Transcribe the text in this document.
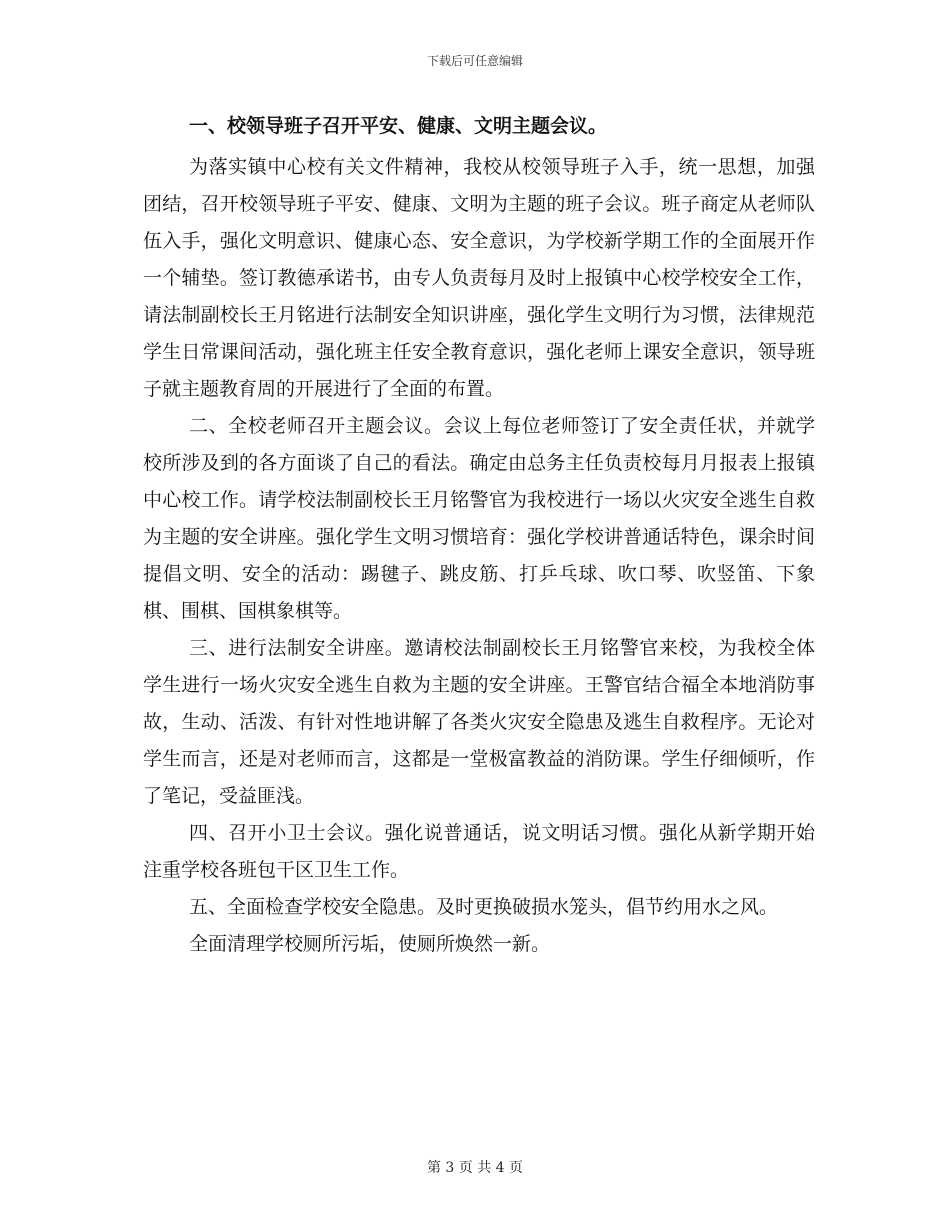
下载后可任意编辑

一、校领导班子召开平安、健康、文明主题会议。

为落实镇中心校有关文件精神，我校从校领导班子入手，统一思想，加强团结，召开校领导班子平安、健康、文明为主题的班子会议。班子商定从老师队伍入手，强化文明意识、健康心态、安全意识，为学校新学期工作的全面展开作一个辅垫。签订教德承诺书，由专人负责每月及时上报镇中心校学校安全工作，请法制副校长王月铭进行法制安全知识讲座，强化学生文明行为习惯，法律规范学生日常课间活动，强化班主任安全教育意识，强化老师上课安全意识，领导班子就主题教育周的开展进行了全面的布置。

二、全校老师召开主题会议。会议上每位老师签订了安全责任状，并就学校所涉及到的各方面谈了自己的看法。确定由总务主任负责校每月月报表上报镇中心校工作。请学校法制副校长王月铭警官为我校进行一场以火灾安全逃生自救为主题的安全讲座。强化学生文明习惯培育：强化学校讲普通话特色，课余时间提倡文明、安全的活动：踢毽子、跳皮筋、打乒乓球、吹口琴、吹竖笛、下象棋、围棋、国棋象棋等。

三、进行法制安全讲座。邀请校法制副校长王月铭警官来校，为我校全体学生进行一场火灾安全逃生自救为主题的安全讲座。王警官结合福全本地消防事故，生动、活泼、有针对性地讲解了各类火灾安全隐患及逃生自救程序。无论对学生而言，还是对老师而言，这都是一堂极富教益的消防课。学生仔细倾听，作了笔记，受益匪浅。

四、召开小卫士会议。强化说普通话，说文明话习惯。强化从新学期开始注重学校各班包干区卫生工作。

五、全面检查学校安全隐患。及时更换破损水笼头，倡节约用水之风。

全面清理学校厕所污垢，使厕所焕然一新。

第 3 页 共 4 页
